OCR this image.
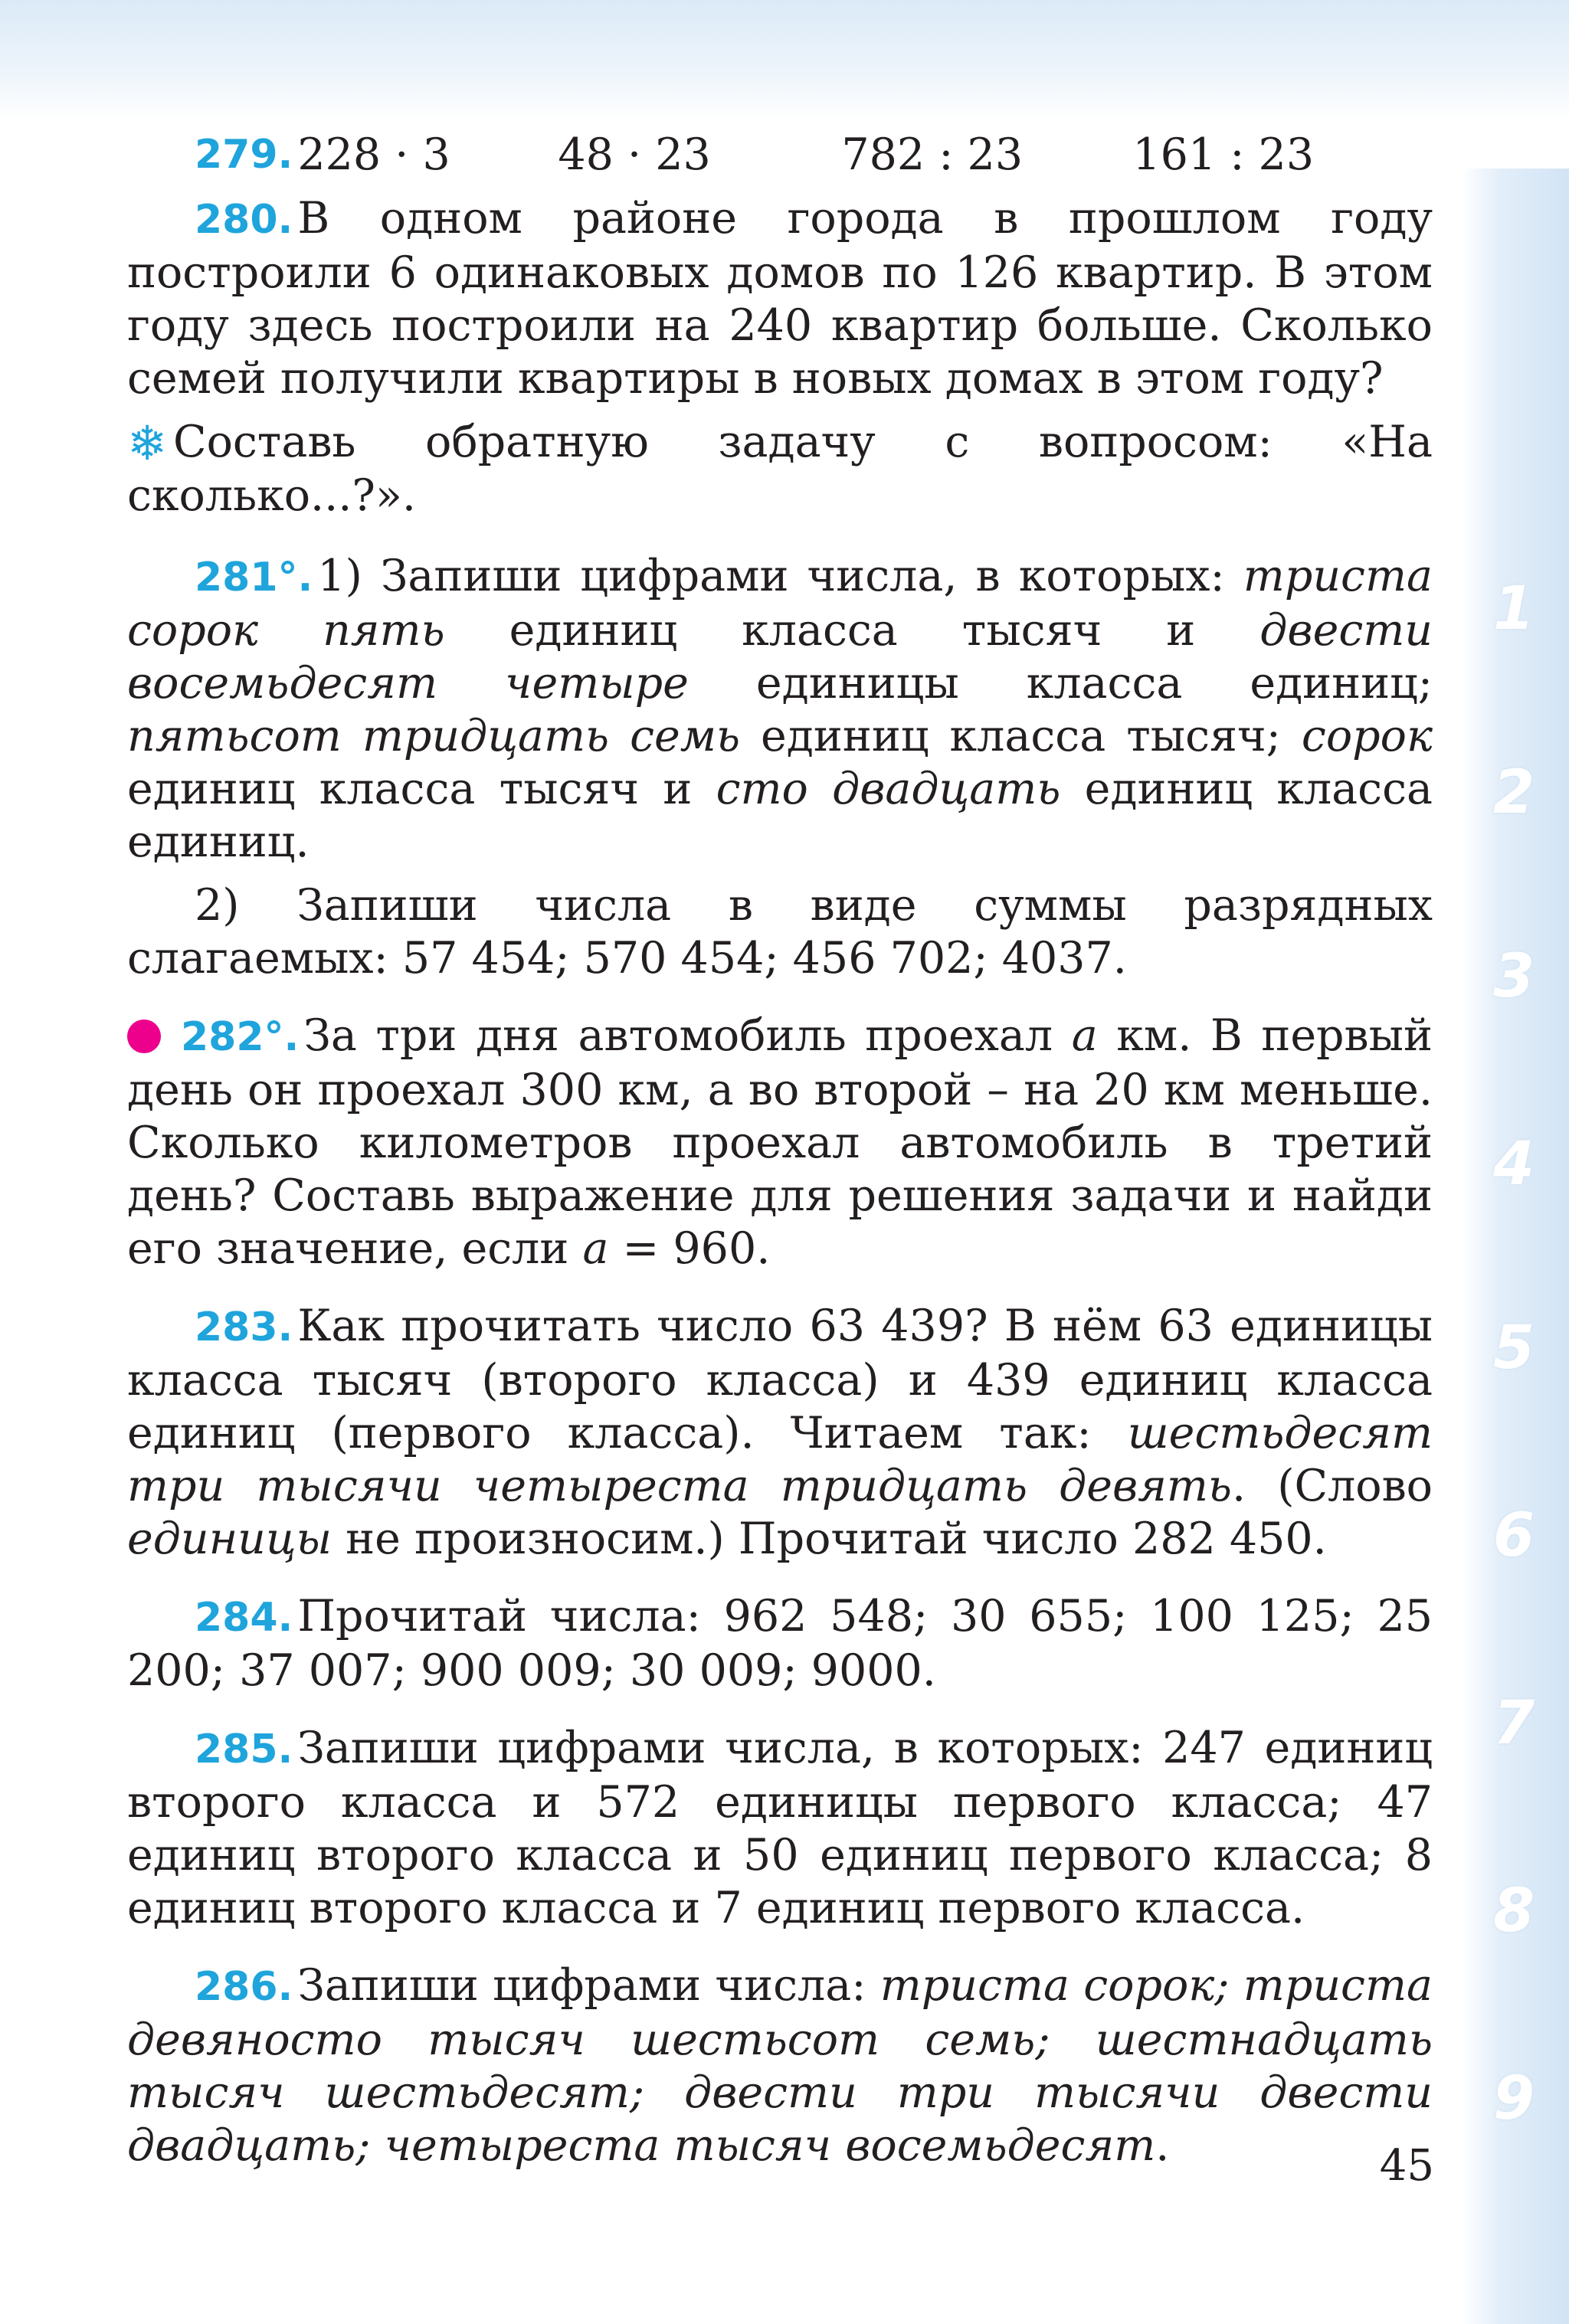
1
2
3
4
5
6
7
8
9
279. 228 · 3	48 · 23	782 : 23	161 : 23

280. В одном районе города в прошлом году построили 6 одинаковых домов по 126 квартир. В этом году здесь построили на 240 квартир больше. Сколько семей получили квартиры в новых домах в этом году?

❄ Составь обратную задачу с вопросом: «На сколько...?».

281°. 1) Запиши цифрами числа, в которых: триста сорок пять единиц класса тысяч и двести восемьдесят четыре единицы класса единиц; пятьсот тридцать семь единиц класса тысяч; сорок единиц класса тысяч и сто двадцать единиц класса единиц.

2) Запиши числа в виде суммы разрядных слагаемых: 57 454; 570 454; 456 702; 4037.

282°. За три дня автомобиль проехал a км. В первый день он проехал 300 км, а во второй – на 20 км меньше. Сколько километров проехал автомобиль в третий день? Составь выражение для решения задачи и найди его значение, если a = 960.

283. Как прочитать число 63 439? В нём 63 единицы класса тысяч (второго класса) и 439 единиц класса единиц (первого класса). Читаем так: шестьдесят три тысячи четыреста тридцать девять. (Слово единицы не произносим.) Прочитай число 282 450.

284. Прочитай числа: 962 548; 30 655; 100 125; 25 200; 37 007; 900 009; 30 009; 9000.

285. Запиши цифрами числа, в которых: 247 единиц второго класса и 572 единицы первого класса; 47 единиц второго класса и 50 единиц первого класса; 8 единиц второго класса и 7 единиц первого класса.

286. Запиши цифрами числа: триста сорок; триста девяносто тысяч шестьсот семь; шестнадцать тысяч шестьдесят; двести три тысячи двести двадцать; четыреста тысяч восемьдесят.	45
